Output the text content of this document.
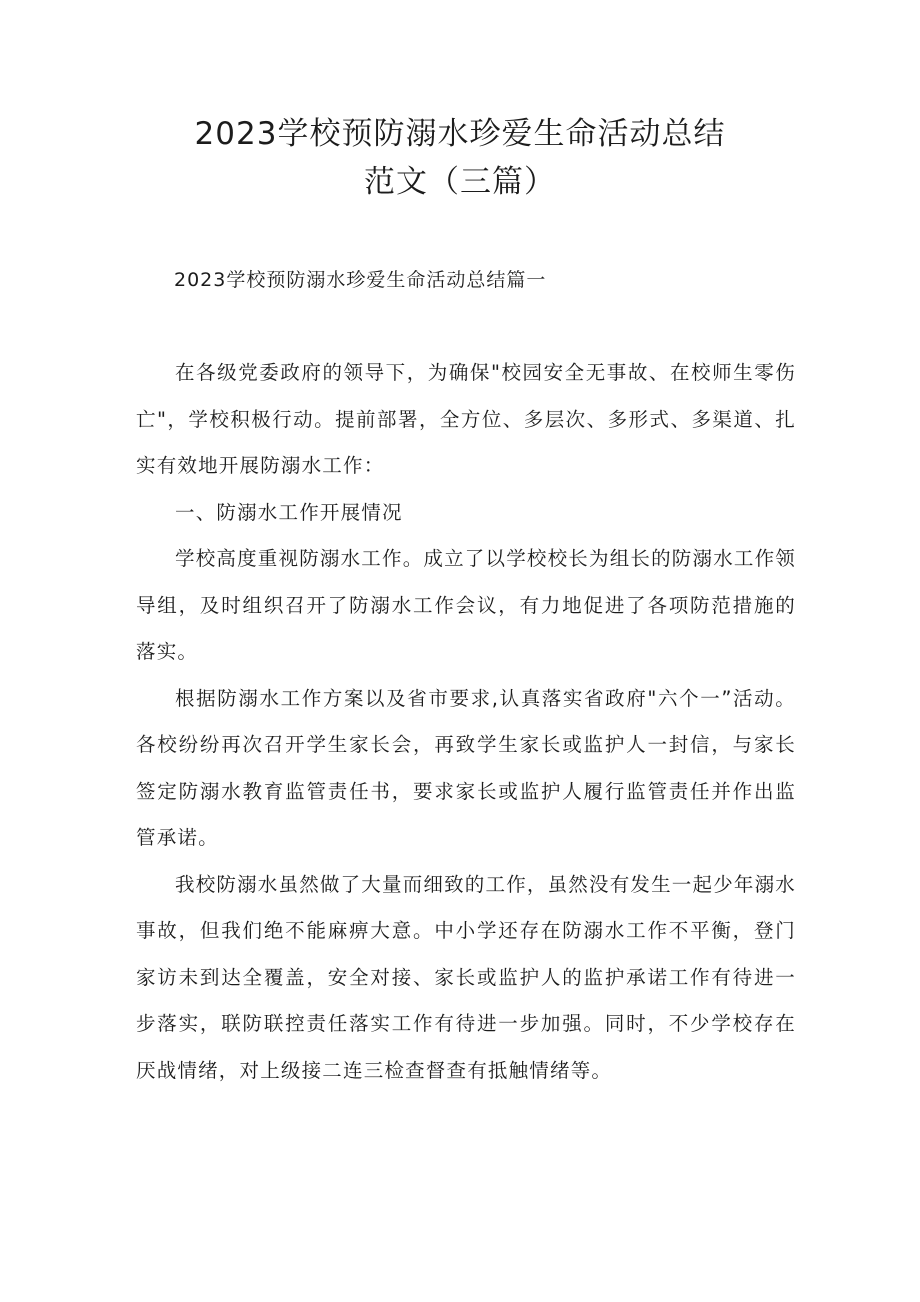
2023学校预防溺水珍爱生命活动总结
范文（三篇）
2023学校预防溺水珍爱生命活动总结篇一

在各级党委政府的领导下，为确保"校园安全无事故、在校师生零伤亡"，学校积极行动。提前部署，全方位、多层次、多形式、多渠道、扎实有效地开展防溺水工作：

一、防溺水工作开展情况

学校高度重视防溺水工作。成立了以学校校长为组长的防溺水工作领导组，及时组织召开了防溺水工作会议，有力地促进了各项防范措施的落实。

根据防溺水工作方案以及省市要求,认真落实省政府"六个一”活动。各校纷纷再次召开学生家长会，再致学生家长或监护人一封信，与家长签定防溺水教育监管责任书，要求家长或监护人履行监管责任并作出监管承诺。

我校防溺水虽然做了大量而细致的工作，虽然没有发生一起少年溺水事故，但我们绝不能麻痹大意。中小学还存在防溺水工作不平衡，登门家访未到达全覆盖，安全对接、家长或监护人的监护承诺工作有待进一步落实，联防联控责任落实工作有待进一步加强。同时，不少学校存在厌战情绪，对上级接二连三检查督查有抵触情绪等。
